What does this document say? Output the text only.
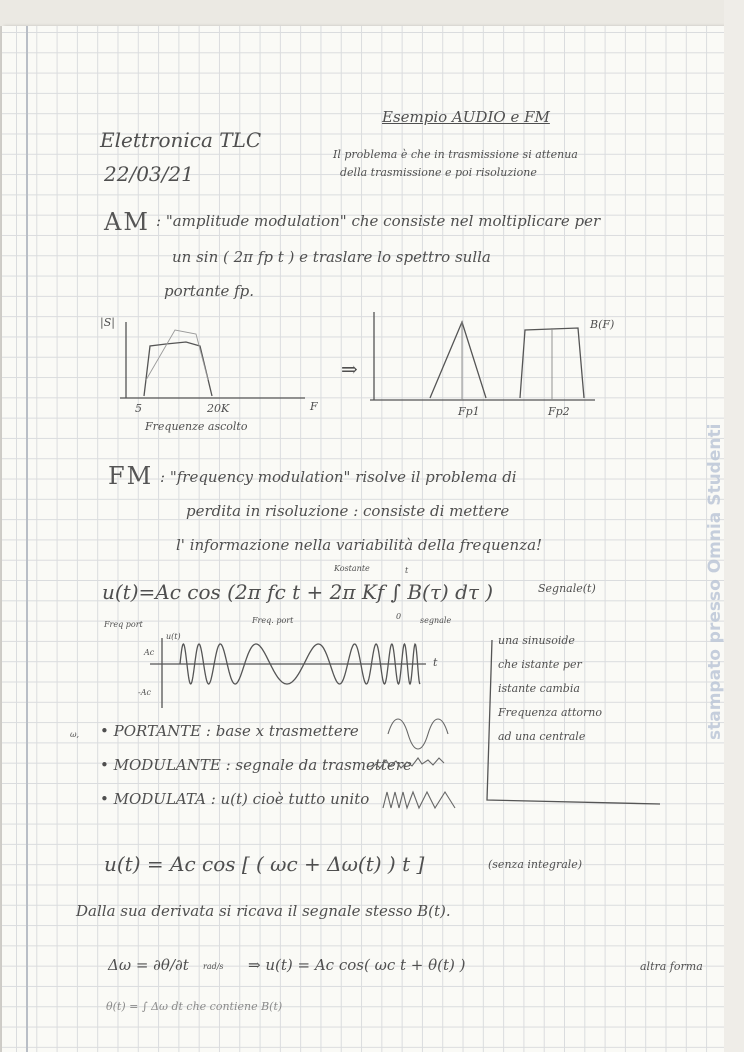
Esempio AUDIO e FM
Elettronica TLC
22/03/21
Il problema è che in trasmissione si attenua
della trasmissione e poi risoluzione
AM : "amplitude modulation" che consiste nel moltiplicare per
un sin ( 2π fp t ) e traslare lo spettro sulla
portante fp.
|S|
5	20K	F
Frequenze ascolto
⇒
Fp1	Fp2
B(F)
FM : "frequency modulation" risolve il problema di
perdita in risoluzione : consiste di mettere
l' informazione nella variabilità della frequenza!
u(t)=Ac cos (2π fc t + 2π Kf ∫ B(τ) dτ )
Kostante	t
0
Freq. port	segnale
Segnale(t)
Freq port
u(t)
t
Ac
-Ac
una sinusoide
che istante per
istante cambia
Frequenza attorno
ad una centrale
ω, • PORTANTE : base x trasmettere
• MODULANTE : segnale da trasmettere
• MODULATA : u(t) cioè tutto unito
u(t) = Ac cos [ ( ωc + Δω(t) ) t ]	(senza integrale)
Dalla sua derivata si ricava il segnale stesso B(t).
Δω = ∂θ/∂t rad/s ⇒ u(t) = Ac cos( ωc t + θ(t) )	altra forma
θ(t) = ∫ Δω dt che contiene B(t)
stampato presso Omnia Studenti
